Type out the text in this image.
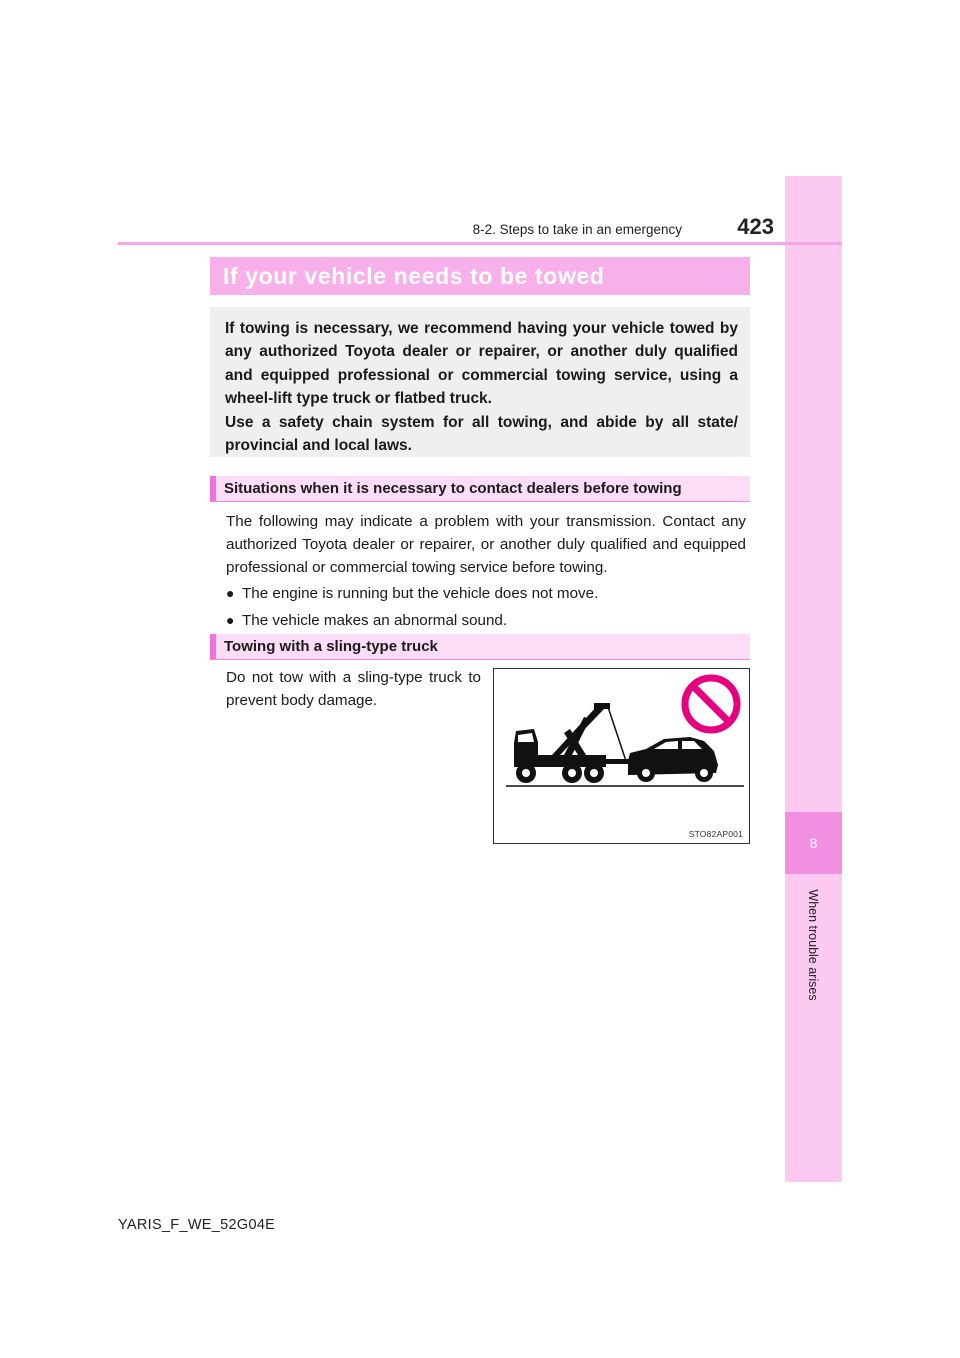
8
When trouble arises
8-2. Steps to take in an emergency	423
If your vehicle needs to be towed

If towing is necessary, we recommend having your vehicle towed by any authorized Toyota dealer or repairer, or another duly qualified and equipped professional or commercial towing service, using a wheel-lift type truck or flatbed truck.

Use a safety chain system for all towing, and abide by all state/ provincial and local laws.

Situations when it is necessary to contact dealers before towing

The following may indicate a problem with your transmission. Contact any authorized Toyota dealer or repairer, or another duly qualified and equipped professional or commercial towing service before towing.

● The engine is running but the vehicle does not move.
● The vehicle makes an abnormal sound.
Towing with a sling-type truck
Do not tow with a sling-type truck to prevent body damage.
STO82AP001
YARIS_F_WE_52G04E
